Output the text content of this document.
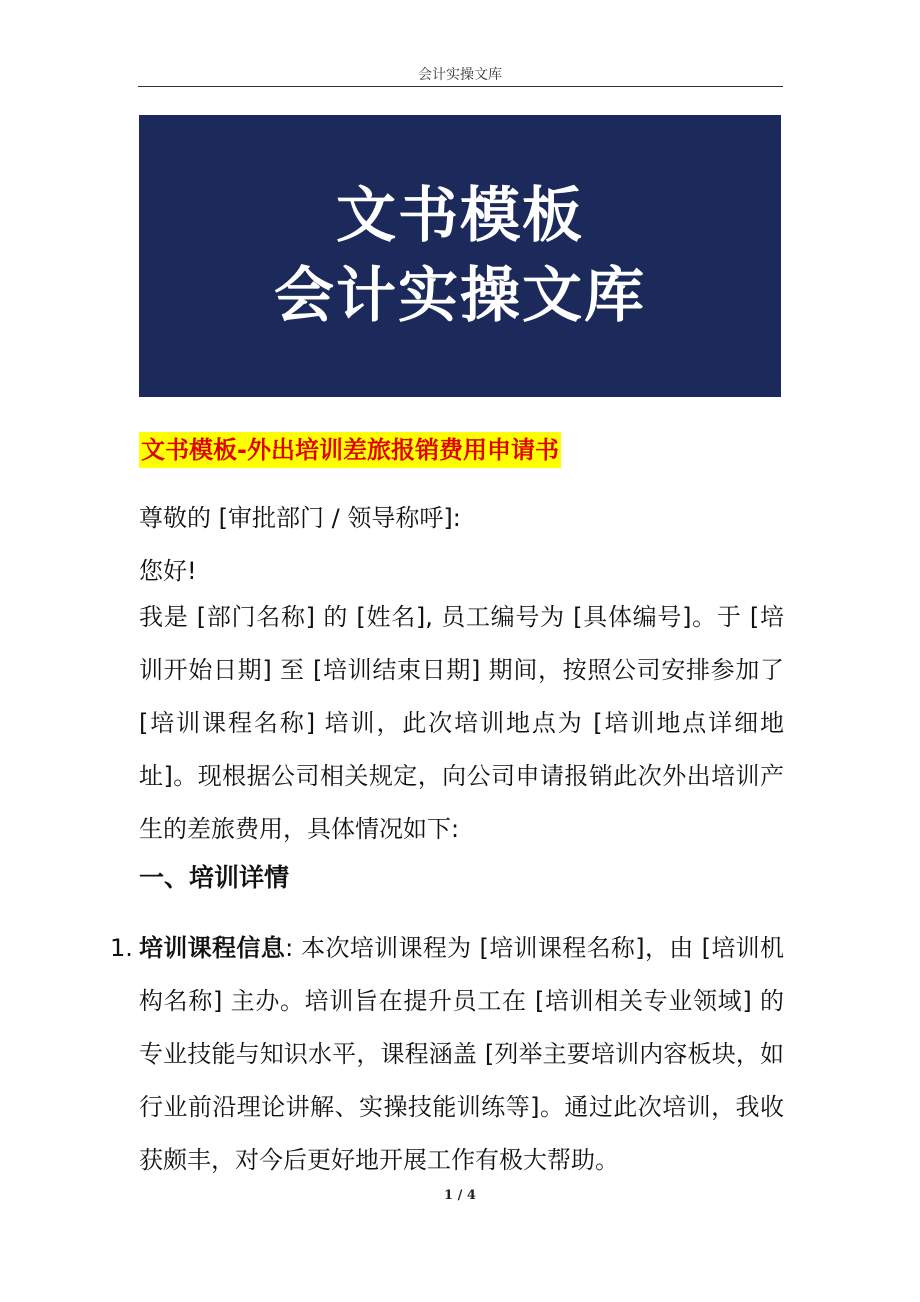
会计实操文库
文书模板
会计实操文库
文书模板-外出培训差旅报销费用申请书

尊敬的 [审批部门 / 领导称呼]:

您好!

我是 [部门名称] 的 [姓名], 员工编号为 [具体编号]。于 [培训开始日期] 至 [培训结束日期] 期间，按照公司安排参加了 [培训课程名称] 培训，此次培训地点为 [培训地点详细地址]。现根据公司相关规定，向公司申请报销此次外出培训产生的差旅费用，具体情况如下:

一、培训详情
1. 培训课程信息: 本次培训课程为 [培训课程名称]，由 [培训机构名称] 主办。培训旨在提升员工在 [培训相关专业领域] 的专业技能与知识水平，课程涵盖 [列举主要培训内容板块，如行业前沿理论讲解、实操技能训练等]。通过此次培训，我收获颇丰，对今后更好地开展工作有极大帮助。

1 / 4
